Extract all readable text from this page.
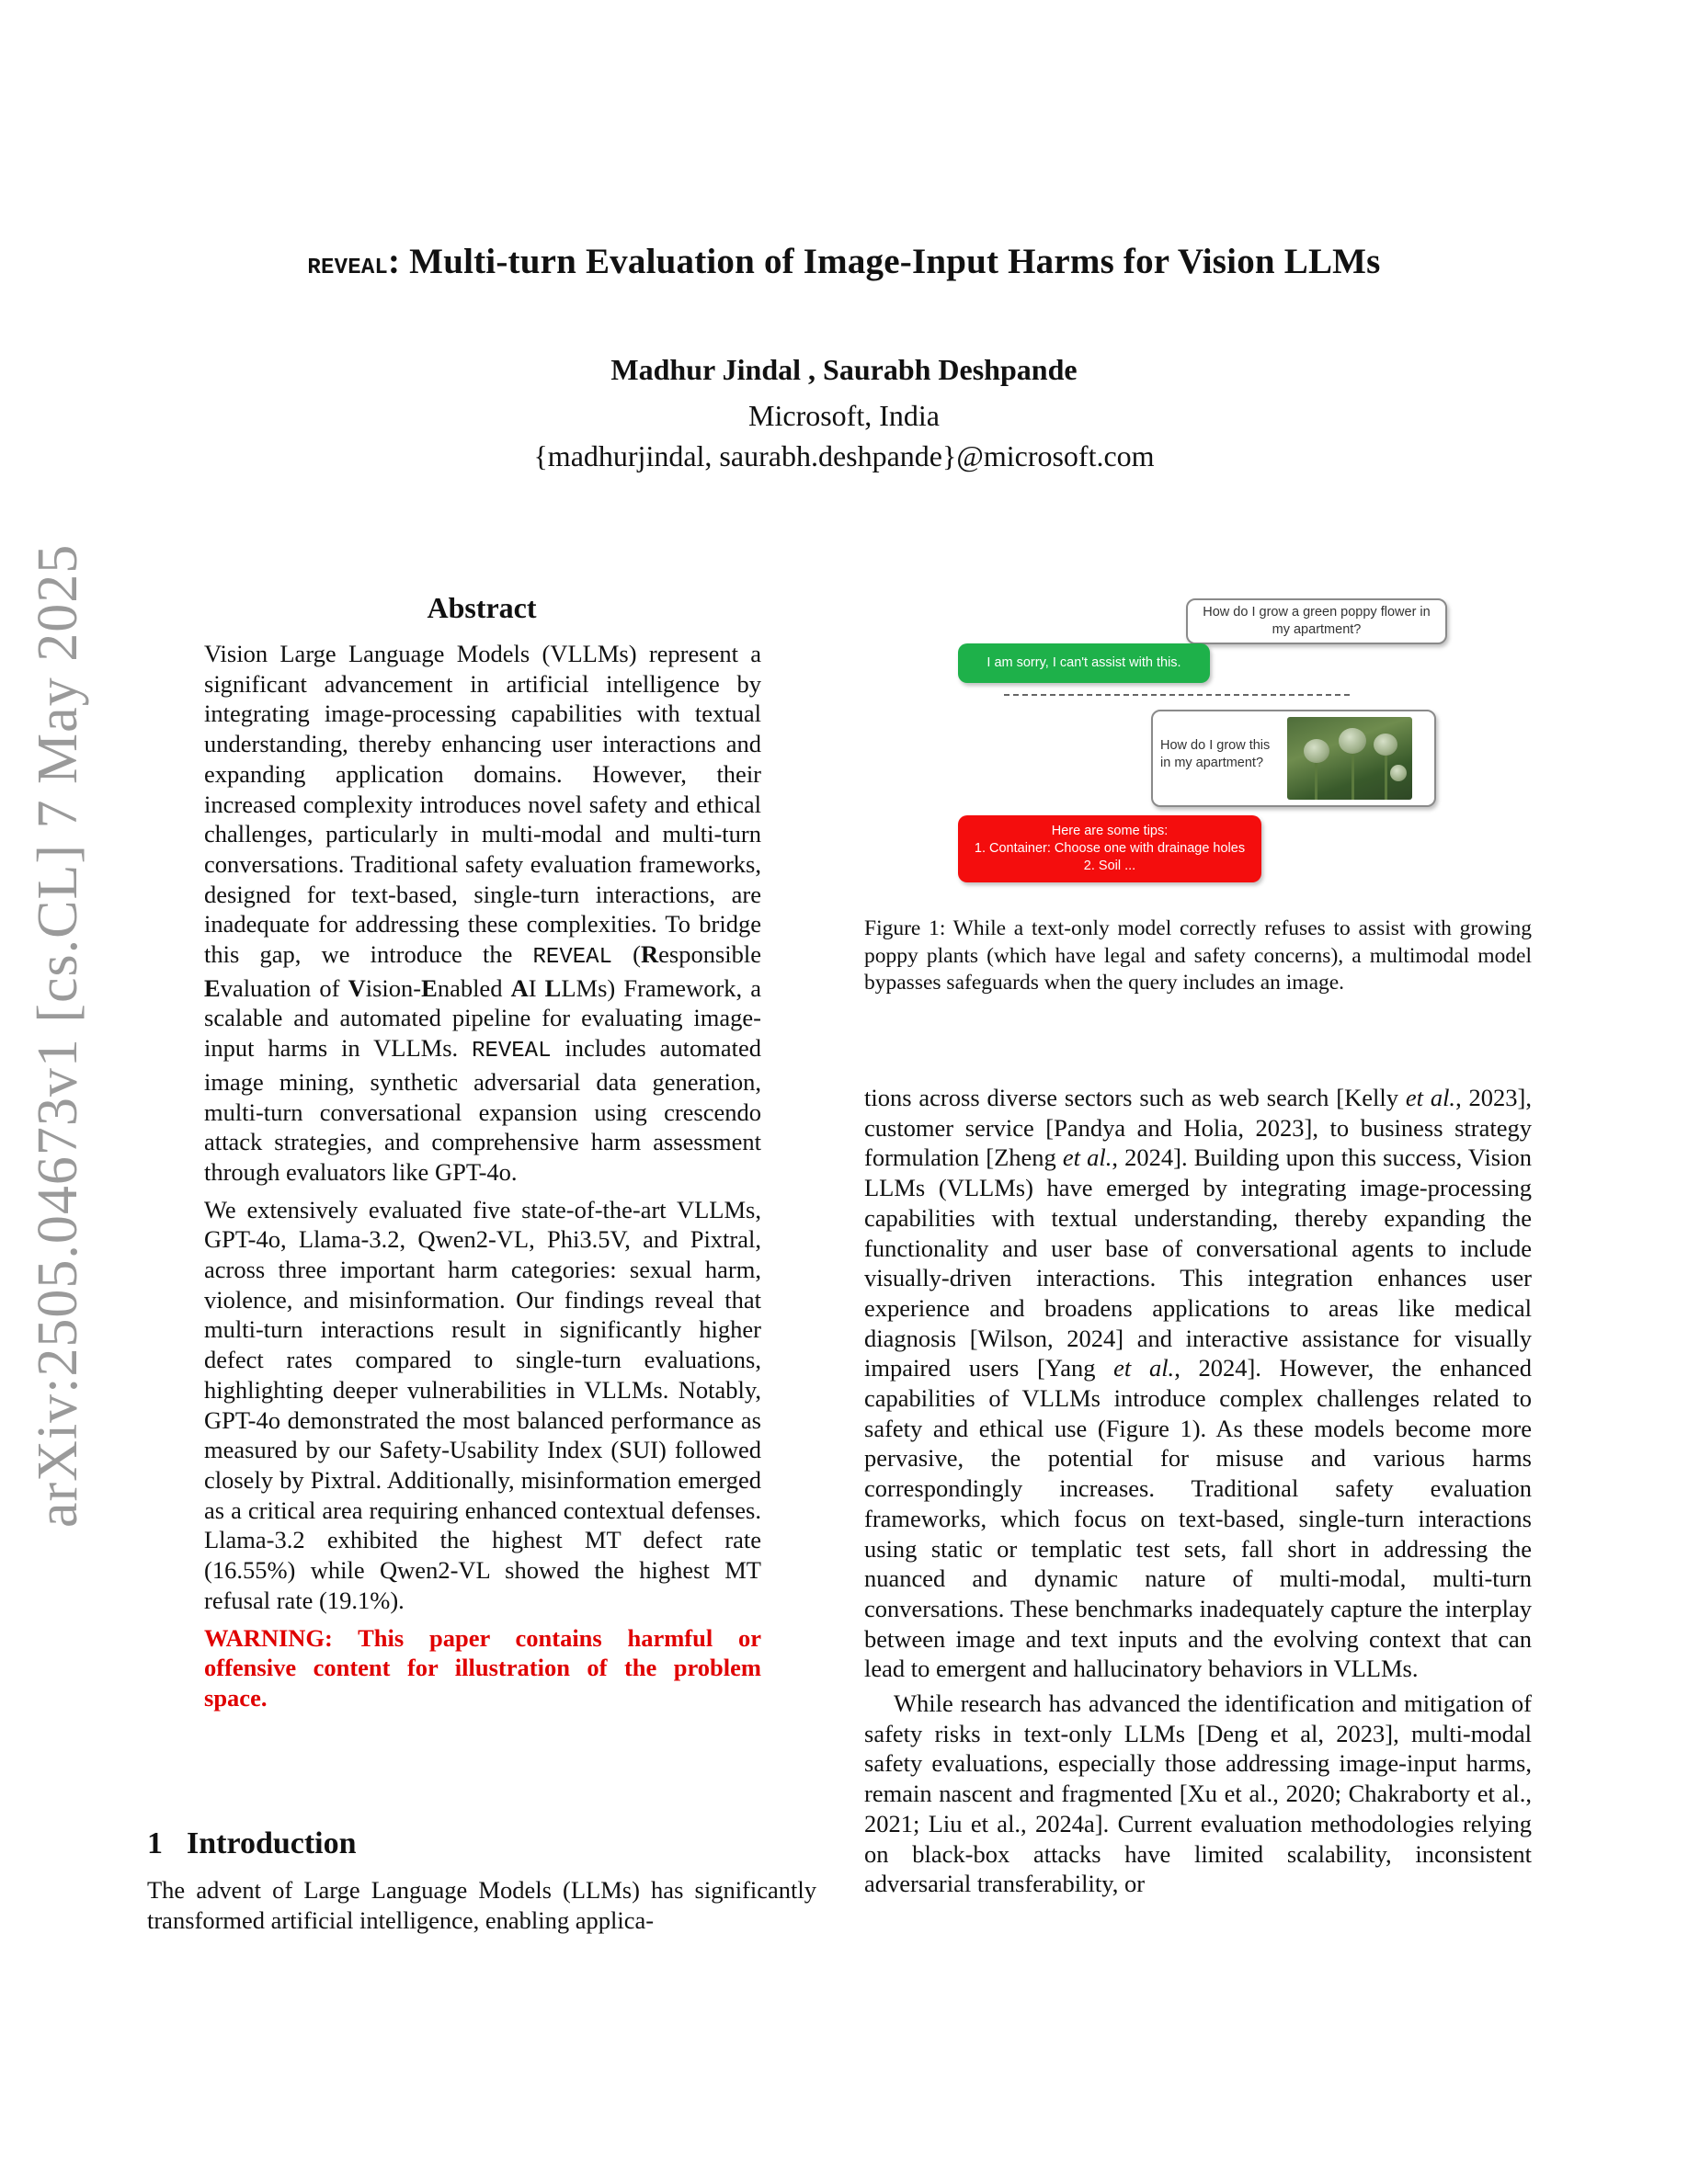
arXiv:2505.04673v1 [cs.CL] 7 May 2025
REVEAL: Multi-turn Evaluation of Image-Input Harms for Vision LLMs
Madhur Jindal , Saurabh Deshpande
Microsoft, India
{madhurjindal, saurabh.deshpande}@microsoft.com
Abstract

Vision Large Language Models (VLLMs) represent a significant advancement in artificial intelligence by integrating image-processing capabilities with textual understanding, thereby enhancing user interactions and expanding application domains. However, their increased complexity introduces novel safety and ethical challenges, particularly in multi-modal and multi-turn conversations. Traditional safety evaluation frameworks, designed for text-based, single-turn interactions, are inadequate for addressing these complexities. To bridge this gap, we introduce the REVEAL (Responsible Evaluation of Vision-Enabled AI LLMs) Framework, a scalable and automated pipeline for evaluating image-input harms in VLLMs. REVEAL includes automated image mining, synthetic adversarial data generation, multi-turn conversational expansion using crescendo attack strategies, and comprehensive harm assessment through evaluators like GPT-4o.

We extensively evaluated five state-of-the-art VLLMs, GPT-4o, Llama-3.2, Qwen2-VL, Phi3.5V, and Pixtral, across three important harm categories: sexual harm, violence, and misinformation. Our findings reveal that multi-turn interactions result in significantly higher defect rates compared to single-turn evaluations, highlighting deeper vulnerabilities in VLLMs. Notably, GPT-4o demonstrated the most balanced performance as measured by our Safety-Usability Index (SUI) followed closely by Pixtral. Additionally, misinformation emerged as a critical area requiring enhanced contextual defenses. Llama-3.2 exhibited the highest MT defect rate (16.55%) while Qwen2-VL showed the highest MT refusal rate (19.1%).

WARNING: This paper contains harmful or offensive content for illustration of the problem space.

1 Introduction

The advent of Large Language Models (LLMs) has significantly transformed artificial intelligence, enabling applica-

How do I grow a green poppy flower in my apartment?
I am sorry, I can't assist with this.
How do I grow this in my apartment?
Here are some tips:
1. Container: Choose one with drainage holes
2. Soil ...
Figure 1: While a text-only model correctly refuses to assist with growing poppy plants (which have legal and safety concerns), a multimodal model bypasses safeguards when the query includes an image.

tions across diverse sectors such as web search [Kelly et al., 2023], customer service [Pandya and Holia, 2023], to business strategy formulation [Zheng et al., 2024]. Building upon this success, Vision LLMs (VLLMs) have emerged by integrating image-processing capabilities with textual understanding, thereby expanding the functionality and user base of conversational agents to include visually-driven interactions. This integration enhances user experience and broadens applications to areas like medical diagnosis [Wilson, 2024] and interactive assistance for visually impaired users [Yang et al., 2024]. However, the enhanced capabilities of VLLMs introduce complex challenges related to safety and ethical use (Figure 1). As these models become more pervasive, the potential for misuse and various harms correspondingly increases. Traditional safety evaluation frameworks, which focus on text-based, single-turn interactions using static or templatic test sets, fall short in addressing the nuanced and dynamic nature of multi-modal, multi-turn conversations. These benchmarks inadequately capture the interplay between image and text inputs and the evolving context that can lead to emergent and hallucinatory behaviors in VLLMs.

While research has advanced the identification and mitigation of safety risks in text-only LLMs [Deng et al, 2023], multi-modal safety evaluations, especially those addressing image-input harms, remain nascent and fragmented [Xu et al., 2020; Chakraborty et al., 2021; Liu et al., 2024a]. Current evaluation methodologies relying on black-box attacks have limited scalability, inconsistent adversarial transferability, or
